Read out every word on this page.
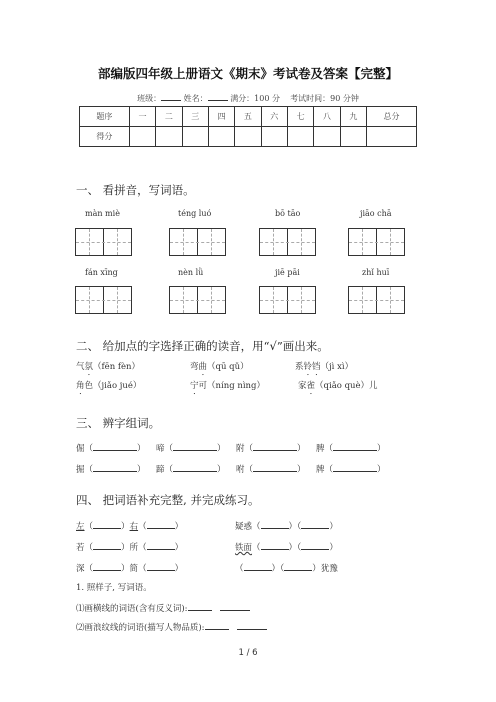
部编版四年级上册语文《期末》考试卷及答案【完整】
班级：	姓名：	满分：100 分 考试时间：90 分钟
题序	一	二	三	四	五	六	七	八	九	总分
得分										
一、 看拼音，写词语。
màn miè	téng luó	bō tāo	jiāo chā
fán xīng	nèn lǜ	jiē pāi	zhǐ huī
二、 给加点的字选择正确的读音，用“√”画出来。
气氛（fēn fèn）	弯曲（qū qǔ）	系铃铛（jì xì）
角色（jiǎo jué）	宁可（níng nìng）	家雀（qiǎo què）儿
三、 辨字组词。
倔（	） 啼（	） 附（	） 脾（	）
掘（	） 蹄（	） 咐（	） 牌（	）
四、 把词语补充完整, 并完成练习。
左（	）右（	）	疑惑（	）（	）
若（	）所（	）	铁面（	）（	）
深（	）简（	）	（	）（	）犹豫
1. 照样子, 写词语。
⑴画横线的词语(含有反义词):
⑵画浪纹线的词语(描写人物品质):
1 / 6
